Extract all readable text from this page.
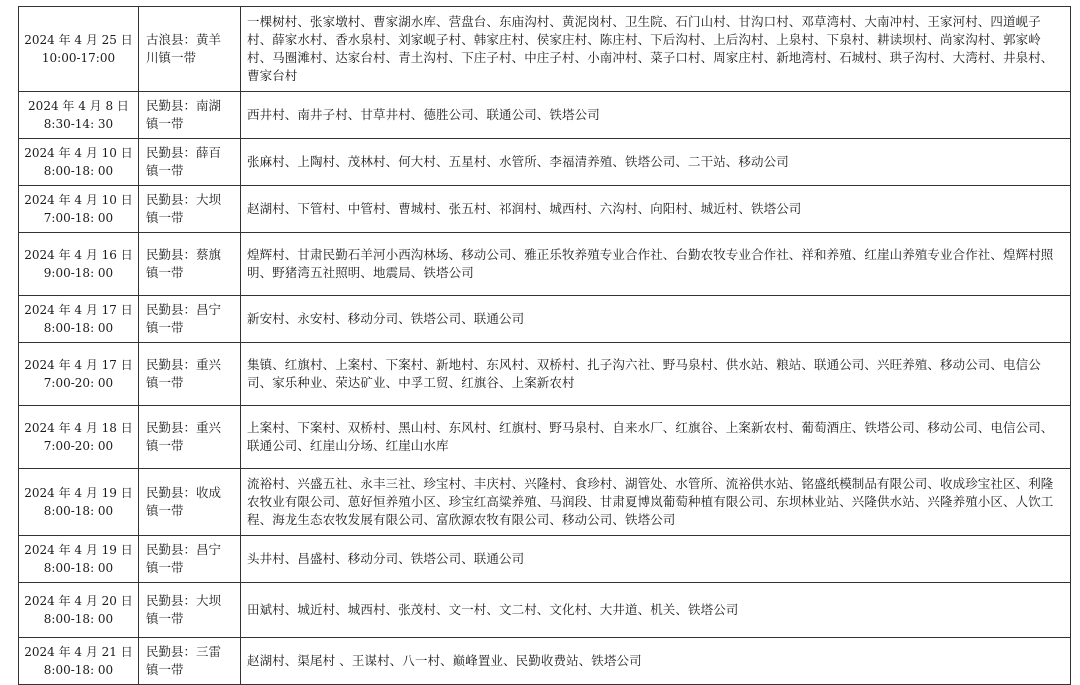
2024 年 4 月 25 日
10:00-17:00	古浪县：黄羊
川镇一带	一棵树村、张家墩村、曹家湖水库、营盘台、东庙沟村、黄泥岗村、卫生院、石门山村、甘沟口村、邓草湾村、大南冲村、王家河村、四道岘子村、薛家水村、香水泉村、刘家岘子村、韩家庄村、侯家庄村、陈庄村、下后沟村、上后沟村、上泉村、下泉村、耕读坝村、尚家沟村、郭家岭村、马圈滩村、达家台村、青土沟村、下庄子村、中庄子村、小南冲村、菜子口村、周家庄村、新地湾村、石城村、珙子沟村、大湾村、井泉村、曹家台村

2024 年 4 月 8 日
8:30-14: 30	民勤县：南湖
镇一带	西井村、南井子村、甘草井村、德胜公司、联通公司、铁塔公司

2024 年 4 月 10 日
8:00-18: 00	民勤县：薛百
镇一带	张麻村、上陶村、茂林村、何大村、五星村、水管所、李福清养殖、铁塔公司、二干站、移动公司

2024 年 4 月 10 日
7:00-18: 00	民勤县：大坝
镇一带	赵湖村、下管村、中管村、曹城村、张五村、祁润村、城西村、六沟村、向阳村、城近村、铁塔公司

2024 年 4 月 16 日
9:00-18: 00	民勤县：蔡旗
镇一带	煌辉村、甘肃民勤石羊河小西沟林场、移动公司、雅正乐牧养殖专业合作社、台勤农牧专业合作社、祥和养殖、红崖山养殖专业合作社、煌辉村照明、野猪湾五社照明、地震局、铁塔公司

2024 年 4 月 17 日
8:00-18: 00	民勤县：昌宁
镇一带	新安村、永安村、移动分司、铁塔公司、联通公司

2024 年 4 月 17 日
7:00-20: 00	民勤县：重兴
镇一带	集镇、红旗村、上案村、下案村、新地村、东风村、双桥村、扎子沟六社、野马泉村、供水站、粮站、联通公司、兴旺养殖、移动公司、电信公司、家乐种业、荣达矿业、中孚工贸、红旗谷、上案新农村

2024 年 4 月 18 日
7:00-20: 00	民勤县：重兴
镇一带	上案村、下案村、双桥村、黑山村、东风村、红旗村、野马泉村、自来水厂、红旗谷、上案新农村、葡萄酒庄、铁塔公司、移动公司、电信公司、联通公司、红崖山分场、红崖山水库

2024 年 4 月 19 日
8:00-18: 00	民勤县：收成
镇一带	流裕村、兴盛五社、永丰三社、珍宝村、丰庆村、兴隆村、食珍村、湖管处、水管所、流裕供水站、铭盛纸模制品有限公司、收成珍宝社区、利隆农牧业有限公司、葸好恒养殖小区、珍宝红高粱养殖、马润段、甘肃夏博岚葡萄种植有限公司、东坝林业站、兴隆供水站、兴隆养殖小区、人饮工程、海龙生态农牧发展有限公司、富欣源农牧有限公司、移动公司、铁塔公司

2024 年 4 月 19 日
8:00-18: 00	民勤县：昌宁
镇一带	头井村、昌盛村、移动分司、铁塔公司、联通公司

2024 年 4 月 20 日
8:00-18: 00	民勤县：大坝
镇一带	田斌村、城近村、城西村、张茂村、文一村、文二村、文化村、大井道、机关、铁塔公司

2024 年 4 月 21 日
8:00-18: 00	民勤县：三雷
镇一带	赵湖村、渠尾村 、王谋村、八一村、巅峰置业、民勤收费站、铁塔公司
